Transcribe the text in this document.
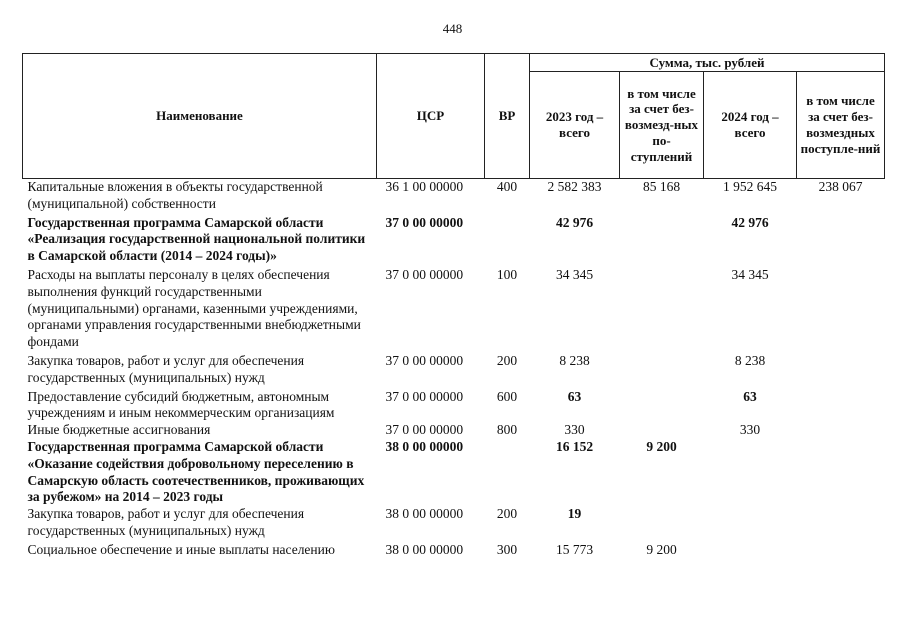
448
Наименование	ЦСР	ВР	Сумма, тыс. рублей			
			2023 год – всего	в том числе за счет без-возмезд-ных по-ступлений	2024 год – всего	в том числе за счет без-возмездных поступле-ний
Капитальные вложения в объекты государственной (муниципальной) собственности	36 1 00 00000	400	2 582 383	85 168	1 952 645	238 067
Государственная программа Самарской области «Реализация государственной национальной политики в Самарской области (2014 – 2024 годы)»	37 0 00 00000		42 976		42 976	
Расходы на выплаты персоналу в целях обеспечения выполнения функций государственными (муниципальными) органами, казенными учреждениями, органами управления государственными внебюджетными фондами	37 0 00 00000	100	34 345		34 345	
Закупка товаров, работ и услуг для обеспечения государственных (муниципальных) нужд	37 0 00 00000	200	8 238		8 238	
Предоставление субсидий бюджетным, автономным учреждениям и иным некоммерческим организациям	37 0 00 00000	600	63		63	
Иные бюджетные ассигнования	37 0 00 00000	800	330		330	
Государственная программа Самарской области «Оказание содействия добровольному переселению в Самарскую область соотечественников, проживающих за рубежом» на 2014 – 2023 годы	38 0 00 00000		16 152	9 200		
Закупка товаров, работ и услуг для обеспечения государственных (муниципальных) нужд	38 0 00 00000	200	19			
Социальное обеспечение и иные выплаты населению	38 0 00 00000	300	15 773	9 200		
